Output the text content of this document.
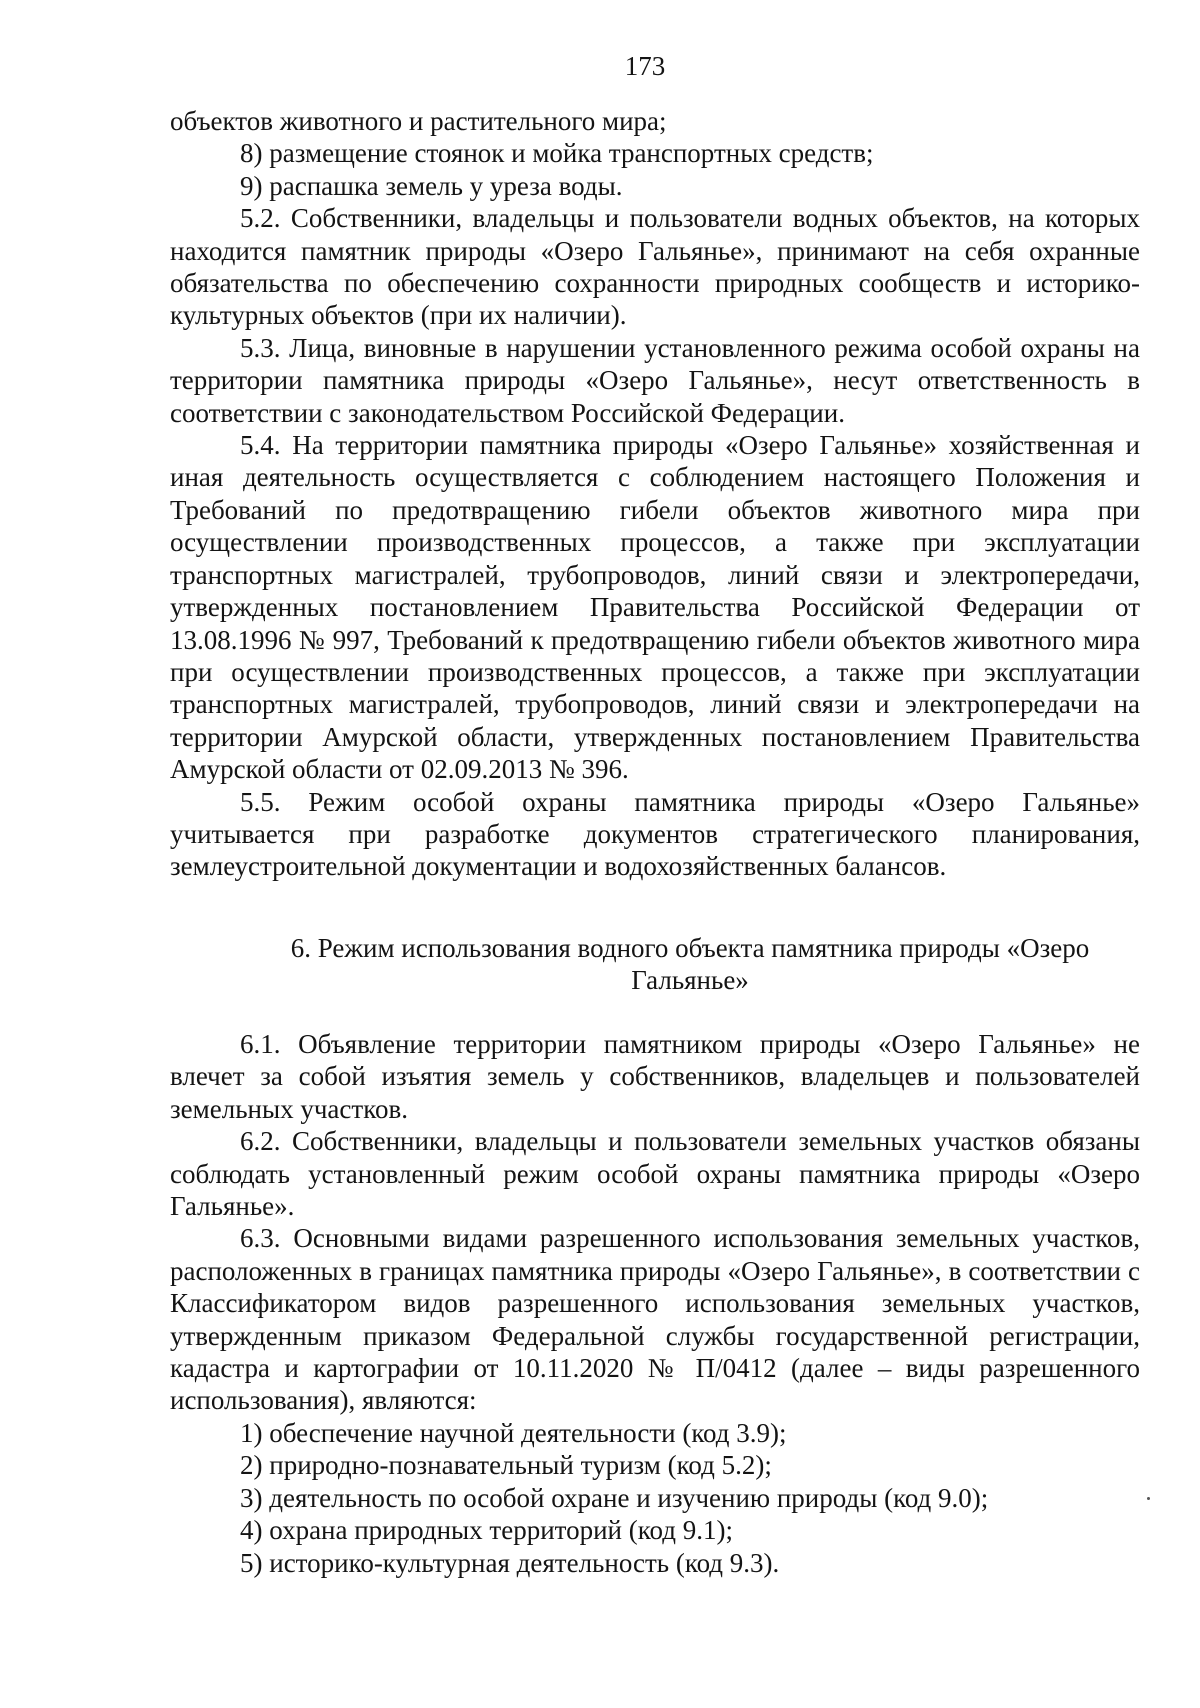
173

объектов животного и растительного мира;

8) размещение стоянок и мойка транспортных средств;

9) распашка земель у уреза воды.

5.2. Собственники, владельцы и пользователи водных объектов, на которых находится памятник природы «Озеро Гальянье», принимают на себя охранные обязательства по обеспечению сохранности природных сообществ и историко-культурных объектов (при их наличии).

5.3. Лица, виновные в нарушении установленного режима особой охраны на территории памятника природы «Озеро Гальянье», несут ответственность в соответствии с законодательством Российской Федерации.

5.4. На территории памятника природы «Озеро Гальянье» хозяйственная и иная деятельность осуществляется с соблюдением настоящего Положения и Требований по предотвращению гибели объектов животного мира при осуществлении производственных процессов, а также при эксплуатации транспортных магистралей, трубопроводов, линий связи и электропередачи, утвержденных постановлением Правительства Российской Федерации от 13.08.1996 № 997, Требований к предотвращению гибели объектов животного мира при осуществлении производственных процессов, а также при эксплуатации транспортных магистралей, трубопроводов, линий связи и электропередачи на территории Амурской области, утвержденных постановлением Правительства Амурской области от 02.09.2013 № 396.

5.5. Режим особой охраны памятника природы «Озеро Гальянье» учитывается при разработке документов стратегического планирования, землеустроительной документации и водохозяйственных балансов.

6. Режим использования водного объекта памятника природы «Озеро
Гальянье»

6.1. Объявление территории памятником природы «Озеро Гальянье» не влечет за собой изъятия земель у собственников, владельцев и пользователей земельных участков.

6.2. Собственники, владельцы и пользователи земельных участков обязаны соблюдать установленный режим особой охраны памятника природы «Озеро Гальянье».

6.3. Основными видами разрешенного использования земельных участков, расположенных в границах памятника природы «Озеро Гальянье», в соответствии с Классификатором видов разрешенного использования земельных участков, утвержденным приказом Федеральной службы государственной регистрации, кадастра и картографии от 10.11.2020 № П/0412 (далее – виды разрешенного использования), являются:

1) обеспечение научной деятельности (код 3.9);

2) природно-познавательный туризм (код 5.2);

3) деятельность по особой охране и изучению природы (код 9.0);

4) охрана природных территорий (код 9.1);

5) историко-культурная деятельность (код 9.3).
